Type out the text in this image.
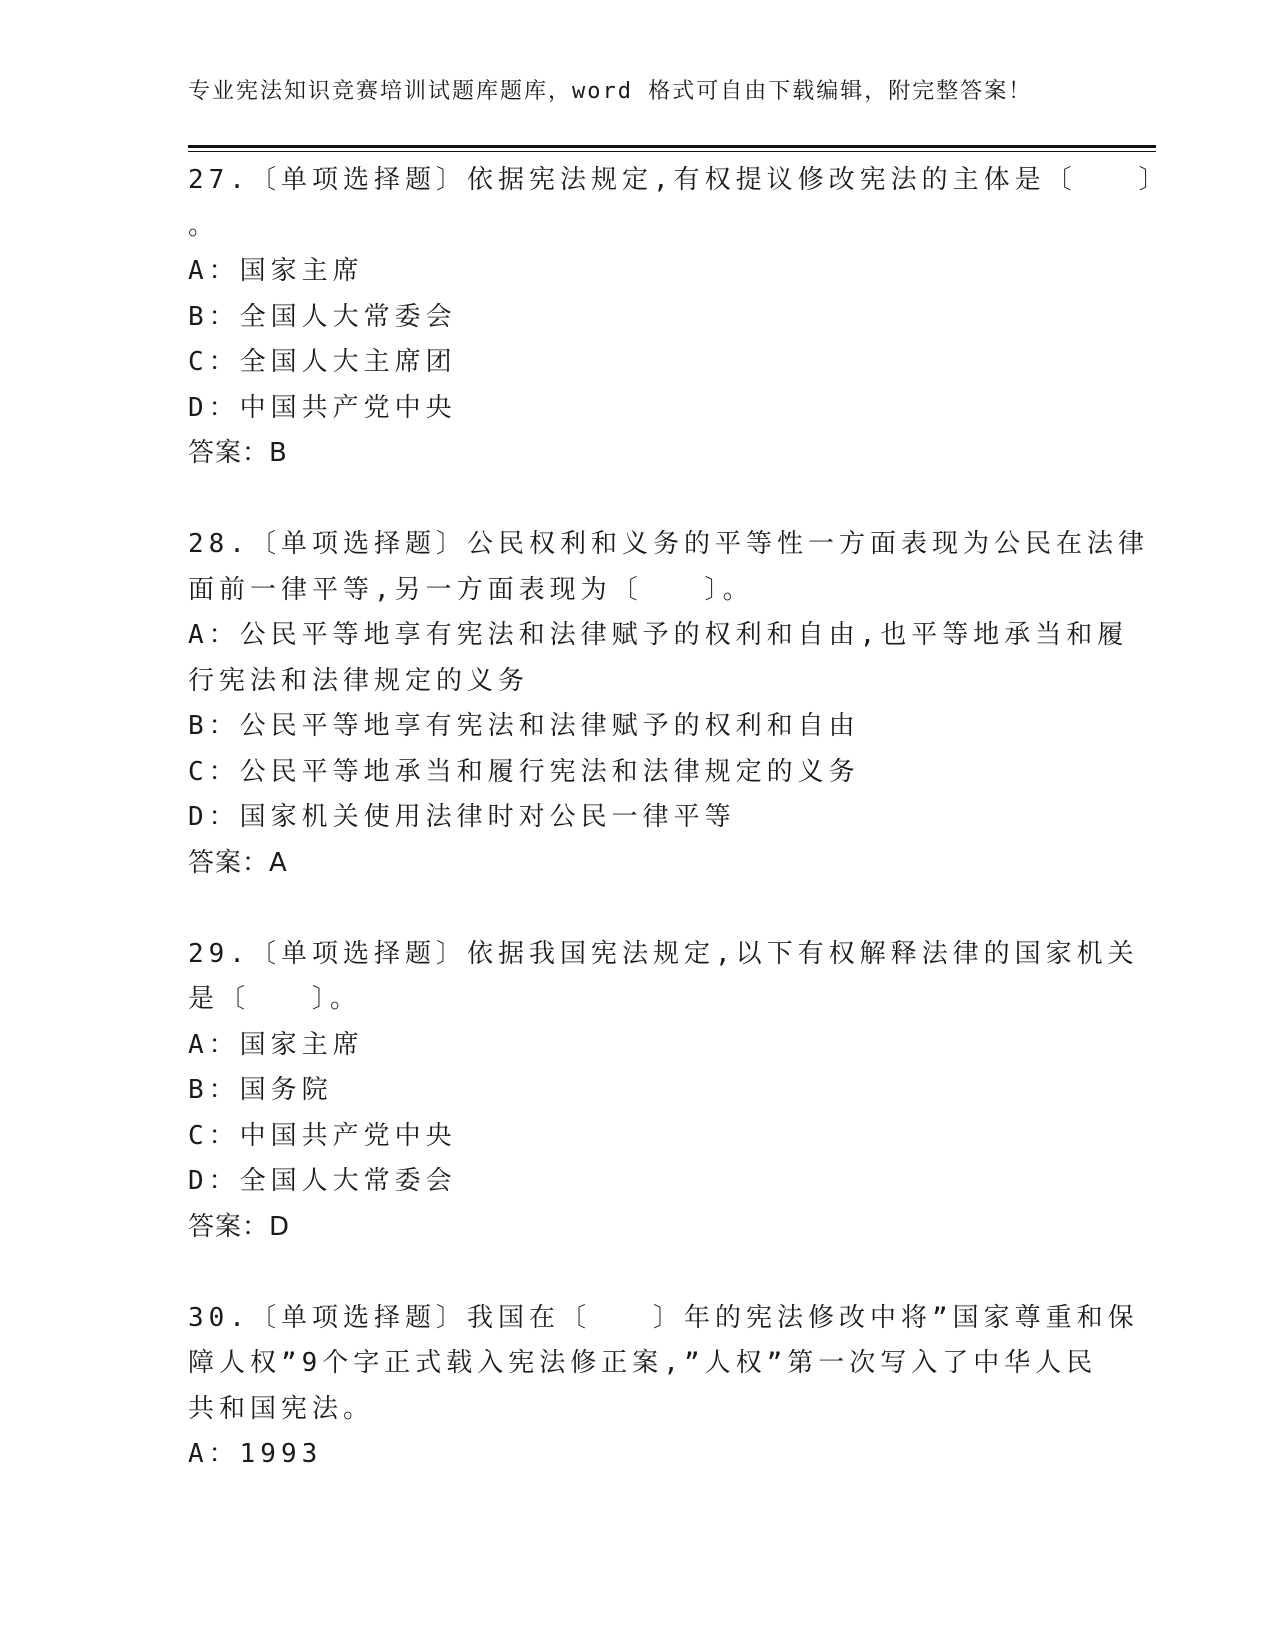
专业宪法知识竞赛培训试题库题库，word 格式可自由下载编辑，附完整答案！
27.〔单项选择题〕依据宪法规定,有权提议修改宪法的主体是〔　　〕
。
A：国家主席
B：全国人大常委会
C：全国人大主席团
D：中国共产党中央
答案：B
28.〔单项选择题〕公民权利和义务的平等性一方面表现为公民在法律
面前一律平等,另一方面表现为〔　　〕。
A：公民平等地享有宪法和法律赋予的权利和自由,也平等地承当和履
行宪法和法律规定的义务
B：公民平等地享有宪法和法律赋予的权利和自由
C：公民平等地承当和履行宪法和法律规定的义务
D：国家机关使用法律时对公民一律平等
答案：A
29.〔单项选择题〕依据我国宪法规定,以下有权解释法律的国家机关
是〔　　〕。
A：国家主席
B：国务院
C：中国共产党中央
D：全国人大常委会
答案：D
30.〔单项选择题〕我国在〔　　〕年的宪法修改中将”国家尊重和保
障人权”9个字正式载入宪法修正案,”人权”第一次写入了中华人民
共和国宪法。
A：1993
